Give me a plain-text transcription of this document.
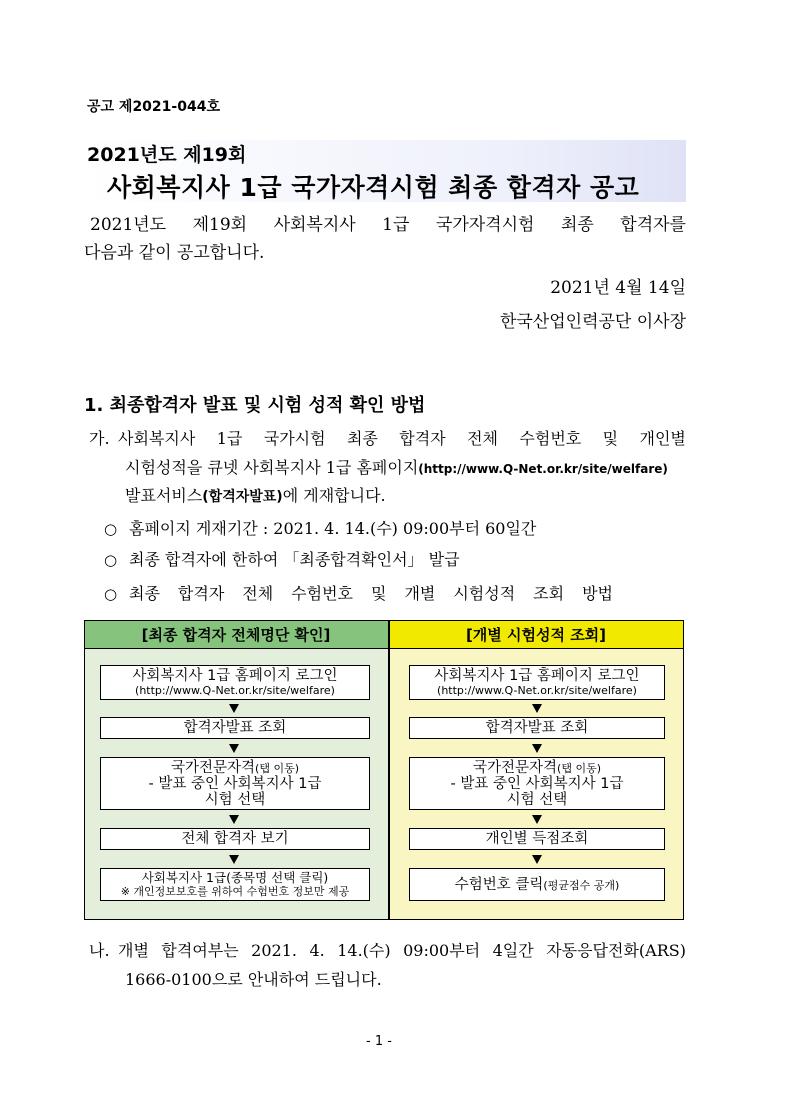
공고 제2021-044호
2021년도 제19회
사회복지사 1급 국가자격시험 최종 합격자 공고
2021년도 제19회 사회복지사 1급 국가자격시험 최종 합격자를
다음과 같이 공고합니다.
2021년 4월 14일
한국산업인력공단 이사장
1. 최종합격자 발표 및 시험 성적 확인 방법
가. 사회복지사 1급 국가시험 최종 합격자 전체 수험번호 및 개인별
시험성적을 큐넷 사회복지사 1급 홈페이지(http://www.Q-Net.or.kr/site/welfare)
발표서비스(합격자발표)에 게재합니다.
○ 홈페이지 게재기간 : 2021. 4. 14.(수) 09:00부터 60일간
○ 최종 합격자에 한하여 「최종합격확인서」 발급
○ 최종 합격자 전체 수험번호 및 개별 시험성적 조회 방법
[최종 합격자 전체명단 확인]
사회복지사 1급 홈페이지 로그인
(http://www.Q-Net.or.kr/site/welfare)
합격자발표 조회
국가전문자격(탭 이동)
- 발표 중인 사회복지사 1급
시험 선택
전체 합격자 보기
사회복지사 1급(종목명 선택 클릭)
※ 개인정보보호를 위하여 수험번호 정보만 제공
[개별 시험성적 조회]
사회복지사 1급 홈페이지 로그인
(http://www.Q-Net.or.kr/site/welfare)
합격자발표 조회
국가전문자격(탭 이동)
- 발표 중인 사회복지사 1급
시험 선택
개인별 득점조회
수험번호 클릭(평균점수 공개)
나. 개별 합격여부는 2021. 4. 14.(수) 09:00부터 4일간 자동응답전화(ARS)
1666-0100으로 안내하여 드립니다.
- 1 -
